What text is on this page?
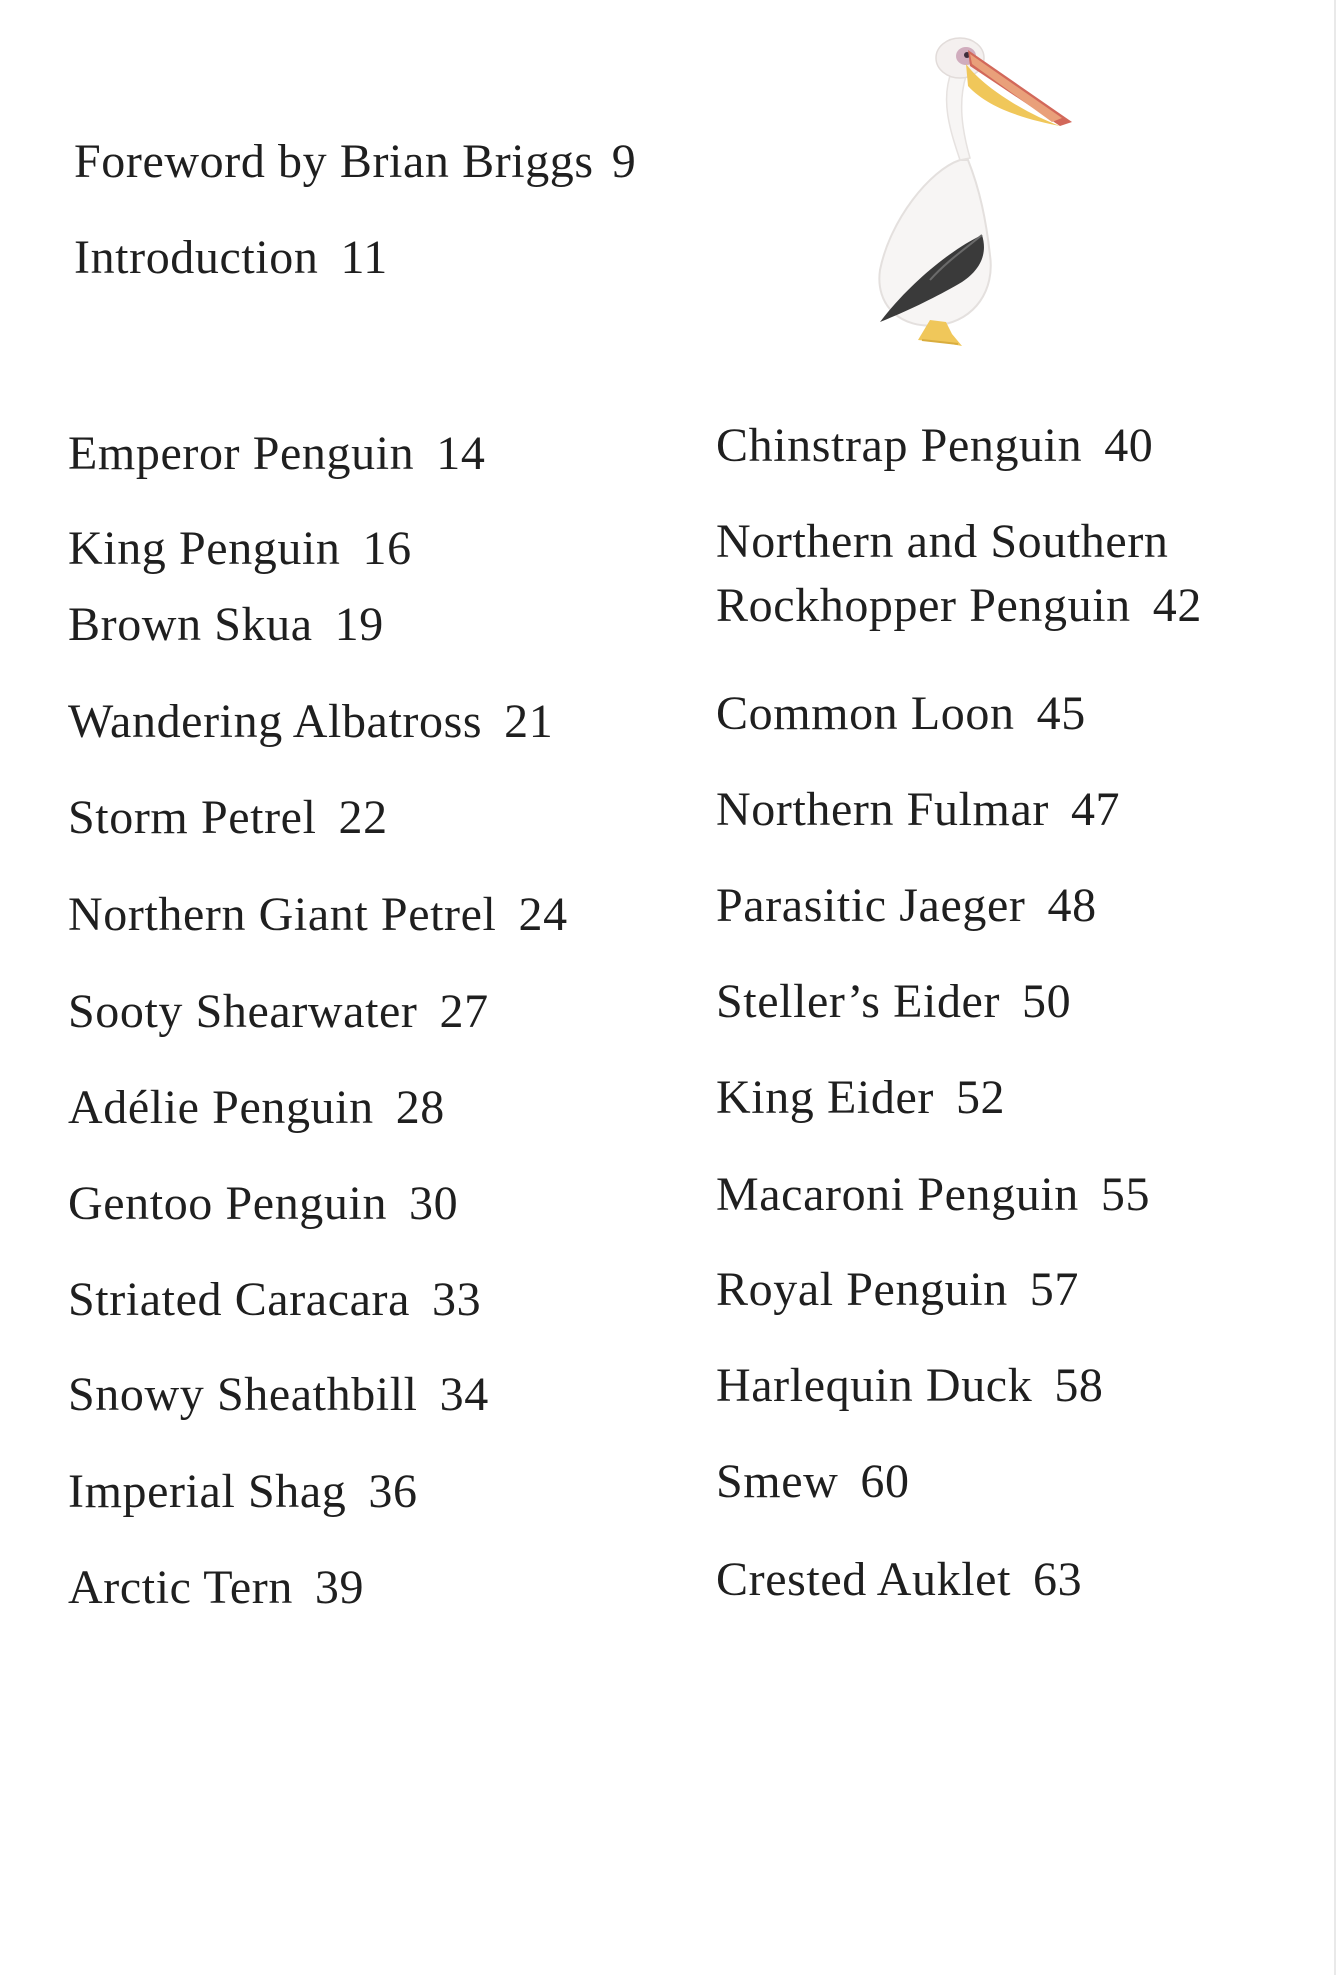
Foreword by Brian Briggs 9
Introduction 11
Emperor Penguin 14
King Penguin 16
Brown Skua 19
Wandering Albatross 21
Storm Petrel 22
Northern Giant Petrel 24
Sooty Shearwater 27
Adélie Penguin 28
Gentoo Penguin 30
Striated Caracara 33
Snowy Sheathbill 34
Imperial Shag 36
Arctic Tern 39
Chinstrap Penguin 40
Northern and Southern
Rockhopper Penguin 42
Common Loon 45
Northern Fulmar 47
Parasitic Jaeger 48
Steller’s Eider 50
King Eider 52
Macaroni Penguin 55
Royal Penguin 57
Harlequin Duck 58
Smew 60
Crested Auklet 63
